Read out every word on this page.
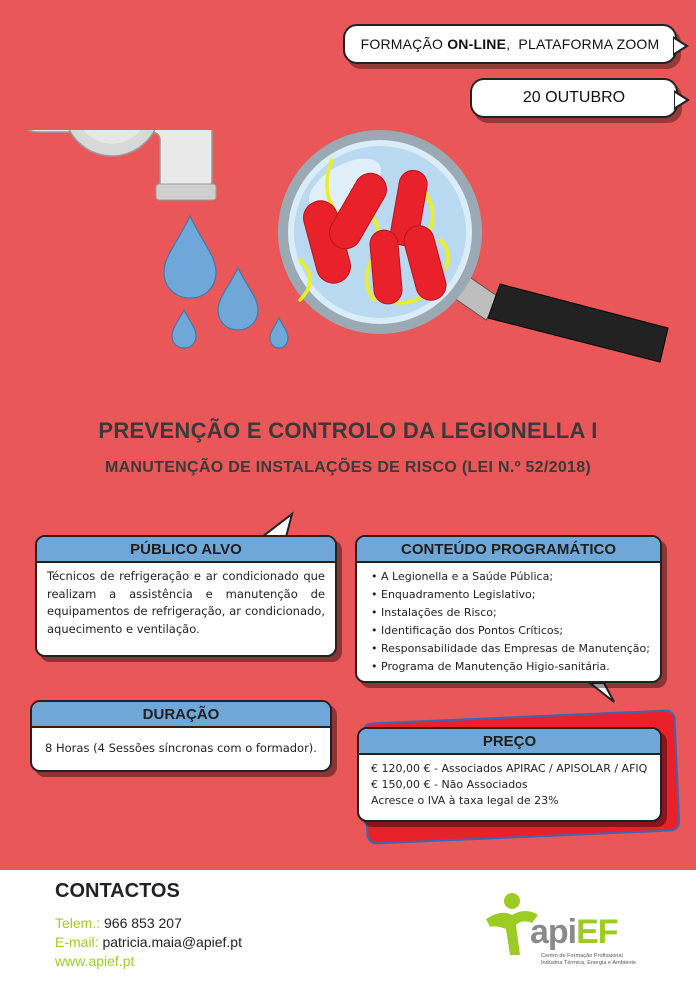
FORMAÇÃO ON-LINE ,  PLATAFORMA ZOOM
20 OUTUBRO
PREVENÇÃO E CONTROLO DA LEGIONELLA I
MANUTENÇÃO DE INSTALAÇÕES DE RISCO (LEI N.º 52/2018)
PÚBLICO ALVO
Técnicos de refrigeração e ar condicionado que realizam a assistência e manutenção de equipamentos de refrigeração, ar condicionado, aquecimento e ventilação.
CONTEÚDO PROGRAMÁTICO
• A Legionella e a Saúde Pública;
• Enquadramento Legislativo;
• Instalações de Risco;
• Identificação dos Pontos Críticos;
• Responsabilidade das Empresas de Manutenção;
• Programa de Manutenção Higio-sanitária.
DURAÇÃO
8 Horas (4 Sessões síncronas com o formador).	PREÇO
€ 120,00 € - Associados APIRAC / APISOLAR / AFIQ
€ 150,00 € - Não Associados
Acresce o IVA à taxa legal de 23%
CONTACTOS
Telem.: 966 853 207
E-mail: patricia.maia@apief.pt
www.apief.pt
apiEF
Centro de Formação Profissional
Indústria Térmica, Energia e Ambiente
